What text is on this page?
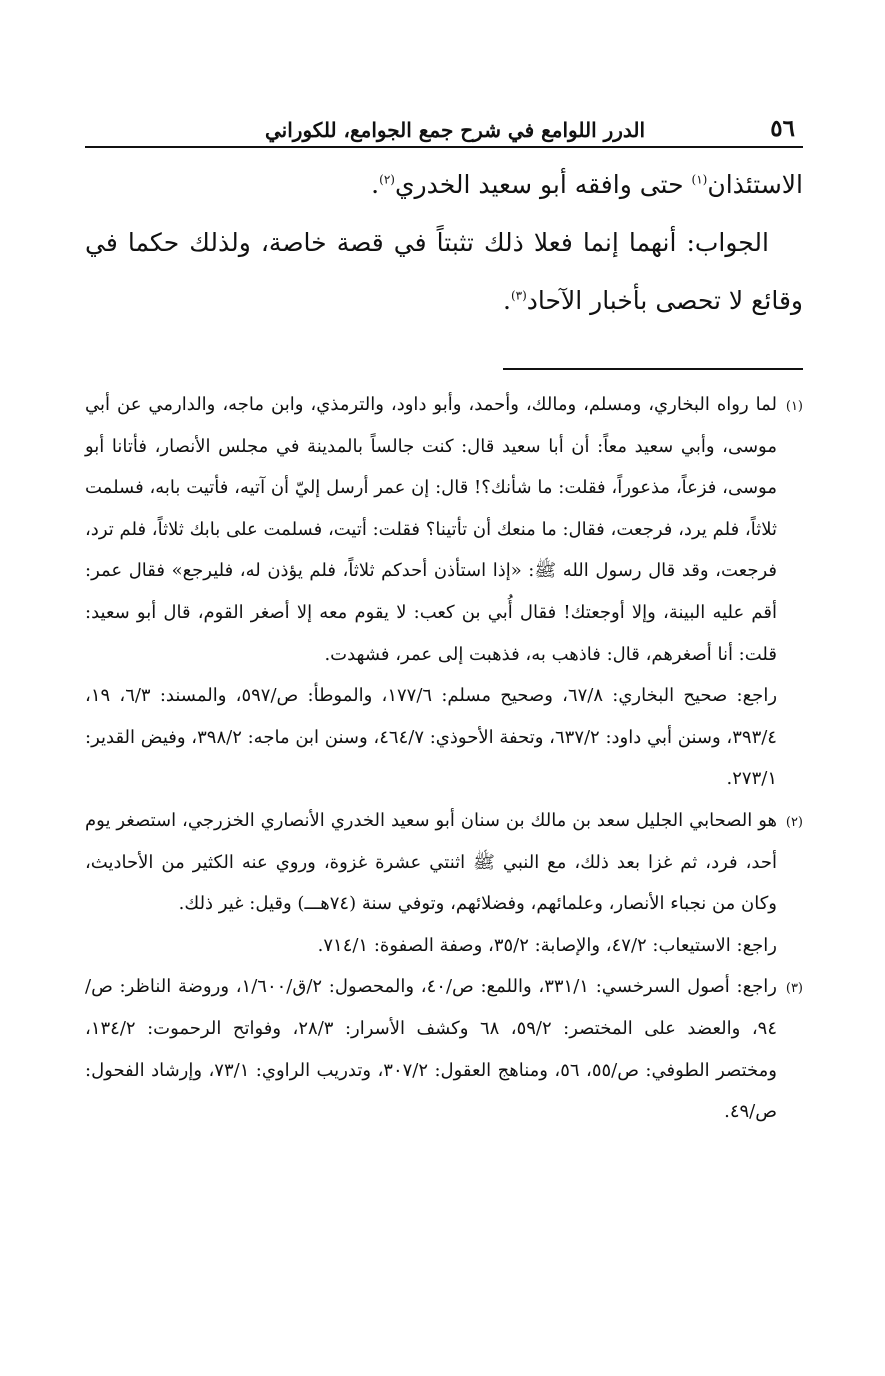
٥٦
الدرر اللوامع في شرح جمع الجوامع، للكوراني

الاستئذان$^{(١)}$ حتى وافقه أبو سعيد الخدري$^{(٢)}$.

الجواب: أنهما إنما فعلا ذلك تثبتاً في قصة خاصة، ولذلك حكما في وقائع لا تحصى بأخبار الآحاد$^{(٣)}$.

(١)

لما رواه البخاري، ومسلم، ومالك، وأحمد، وأبو داود، والترمذي، وابن ماجه، والدارمي عن أبي موسى، وأبي سعيد معاً: أن أبا سعيد قال: كنت جالساً بالمدينة في مجلس الأنصار، فأتانا أبو موسى، فزعاً، مذعوراً، فقلت: ما شأنك؟! قال: إن عمر أرسل إليّ أن آتيه، فأتيت بابه، فسلمت ثلاثاً، فلم يرد، فرجعت، فقال: ما منعك أن تأتينا؟ فقلت: أتيت، فسلمت على بابك ثلاثاً، فلم ترد، فرجعت، وقد قال رسول الله ﷺ: «إذا استأذن أحدكم ثلاثاً، فلم يؤذن له، فليرجع» فقال عمر: أقم عليه البينة، وإلا أوجعتك! فقال أُبي بن كعب: لا يقوم معه إلا أصغر القوم، قال أبو سعيد: قلت: أنا أصغرهم، قال: فاذهب به، فذهبت إلى عمر، فشهدت.

راجع: صحيح البخاري: ٦٧/٨، وصحيح مسلم: ١٧٧/٦، والموطأ: ص/٥٩٧، والمسند: ٦/٣، ١٩، ٣٩٣/٤، وسنن أبي داود: ٦٣٧/٢، وتحفة الأحوذي: ٤٦٤/٧، وسنن ابن ماجه: ٣٩٨/٢، وفيض القدير: ٢٧٣/١.

(٢)

هو الصحابي الجليل سعد بن مالك بن سنان أبو سعيد الخدري الأنصاري الخزرجي، استصغر يوم أحد، فرد، ثم غزا بعد ذلك، مع النبي ﷺ اثنتي عشرة غزوة، وروي عنه الكثير من الأحاديث، وكان من نجباء الأنصار، وعلمائهم، وفضلائهم، وتوفي سنة (٧٤هـــ) وقيل: غير ذلك.

راجع: الاستيعاب: ٤٧/٢، والإصابة: ٣٥/٢، وصفة الصفوة: ٧١٤/١.

(٣)

راجع: أصول السرخسي: ٣٣١/١، واللمع: ص/٤٠، والمحصول: ٢/ق/١/٦٠٠، وروضة الناظر: ص/٩٤، والعضد على المختصر: ٥٩/٢، ٦٨ وكشف الأسرار: ٢٨/٣، وفواتح الرحموت: ١٣٤/٢، ومختصر الطوفي: ص/٥٥، ٥٦، ومناهج العقول: ٣٠٧/٢، وتدريب الراوي: ٧٣/١، وإرشاد الفحول: ص/٤٩.
